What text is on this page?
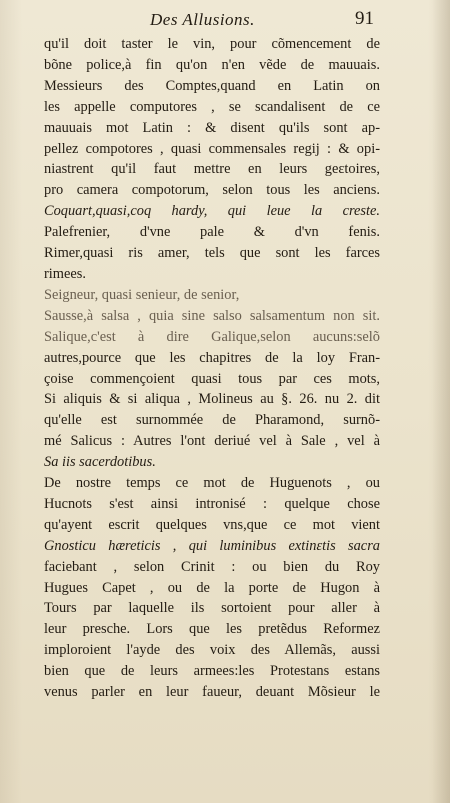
Des Allusions.	91
qu'il doit taster le vin, pour cõmencement de
bõne police,à fin qu'on n'en vẽde de mauuais.
Messieurs des Comptes,quand en Latin on
les appelle computores , se scandalisent de ce
mauuais mot Latin : & disent qu'ils sont ap-
pellez compotores , quasi commensales regij : & opi-
niastrent qu'il faut mettre en leurs geɛtoires,
pro camera compotorum, selon tous les anciens.
Coquart,quasi,coq hardy, qui leue la creste.
Palefrenier, d'vne pale & d'vn fenis.
Rimer,quasi ris amer, tels que sont les farces
rimees.
Seigneur, quasi senieur, de senior,
Sausse,à salsa , quia sine salso salsamentum non sit.
Salique,c'est à dire Galique,selon aucuns:selõ
autres,pource que les chapitres de la loy Fran-
çoise commençoient quasi tous par ces mots,
Si aliquis & si aliqua , Molineus au §. 26. nu 2. dit
qu'elle est surnommée de Pharamond, surnõ-
mé Salicus : Autres l'ont deriué vel à Sale , vel à
Sa iis sacerdotibus.
De nostre temps ce mot de Huguenots , ou
Hucnots s'est ainsi intronisé : quelque chose
qu'ayent escrit quelques vns,que ce mot vient
Gnosticu hæreticis , qui luminibus extinɛtis sacra
faciebant , selon Crinit : ou bien du Roy
Hugues Capet , ou de la porte de Hugon à
Tours par laquelle ils sortoient pour aller à
leur presche. Lors que les pretẽdus Reformez
imploroient l'ayde des voix des Allemãs, aussi
bien que de leurs armees:les Protestans estans
venus parler en leur faueur, deuant Mõsieur le
